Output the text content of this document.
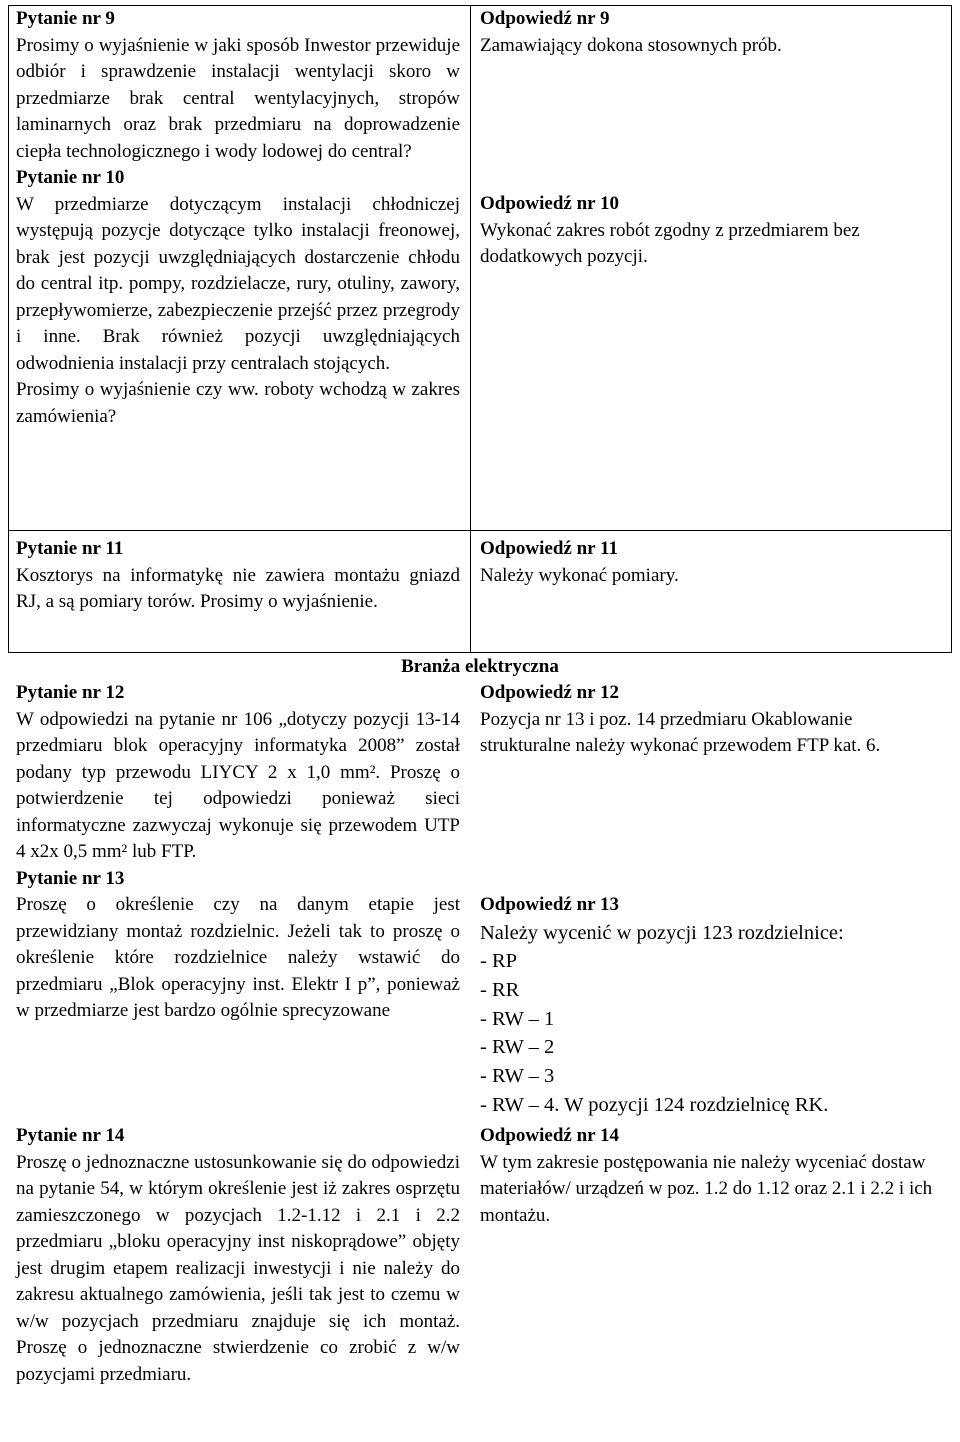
Pytanie nr 9

Prosimy o wyjaśnienie w jaki sposób Inwestor przewiduje odbiór i sprawdzenie instalacji wentylacji skoro w przedmiarze brak central wentylacyjnych, stropów laminarnych oraz brak przedmiaru na doprowadzenie ciepła technologicznego i wody lodowej do central?

Pytanie nr 10

W przedmiarze dotyczącym instalacji chłodniczej występują pozycje dotyczące tylko instalacji freonowej, brak jest pozycji uwzględniających dostarczenie chłodu do central itp. pompy, rozdzielacze, rury, otuliny, zawory, przepływomierze, zabezpieczenie przejść przez przegrody i inne. Brak również pozycji uwzględniających odwodnienia instalacji przy centralach stojących.

Prosimy o wyjaśnienie czy ww. roboty wchodzą w zakres zamówienia?

Odpowiedź nr 9

Zamawiający dokona stosownych prób.

Odpowiedź nr 10

Wykonać zakres robót zgodny z przedmiarem bez dodatkowych pozycji.

Pytanie nr 11

Kosztorys na informatykę nie zawiera montażu gniazd RJ, a są pomiary torów. Prosimy o wyjaśnienie.

Odpowiedź nr 11

Należy wykonać pomiary.

Branża elektryczna

Pytanie nr 12

W odpowiedzi na pytanie nr 106 „dotyczy pozycji 13-14 przedmiaru blok operacyjny informatyka 2008” został podany typ przewodu LIYCY 2 x 1,0 mm². Proszę o potwierdzenie tej odpowiedzi ponieważ sieci informatyczne zazwyczaj wykonuje się przewodem UTP 4 x2x 0,5 mm² lub FTP.

Pytanie nr 13

Proszę o określenie czy na danym etapie jest przewidziany montaż rozdzielnic. Jeżeli tak to proszę o określenie które rozdzielnice należy wstawić do przedmiaru „Blok operacyjny inst. Elektr I p”, ponieważ w przedmiarze jest bardzo ogólnie sprecyzowane

Odpowiedź nr 12

Pozycja nr 13 i poz. 14 przedmiaru Okablowanie strukturalne należy wykonać przewodem FTP kat. 6.

Odpowiedź nr 13

Należy wycenić w pozycji 123 rozdzielnice:

- RP

- RR

- RW – 1

- RW – 2

- RW – 3

- RW – 4. W pozycji 124 rozdzielnicę RK.

Pytanie nr 14

Proszę o jednoznaczne ustosunkowanie się do odpowiedzi na pytanie 54, w którym określenie jest iż zakres osprzętu zamieszczonego w pozycjach 1.2-1.12 i 2.1 i 2.2 przedmiaru „bloku operacyjny inst niskoprądowe” objęty jest drugim etapem realizacji inwestycji i nie należy do zakresu aktualnego zamówienia, jeśli tak jest to czemu w w/w pozycjach przedmiaru znajduje się ich montaż. Proszę o jednoznaczne stwierdzenie co zrobić z w/w pozycjami przedmiaru.

Odpowiedź nr 14

W tym zakresie postępowania nie należy wyceniać dostaw materiałów/ urządzeń w poz. 1.2 do 1.12 oraz 2.1 i 2.2 i ich montażu.
